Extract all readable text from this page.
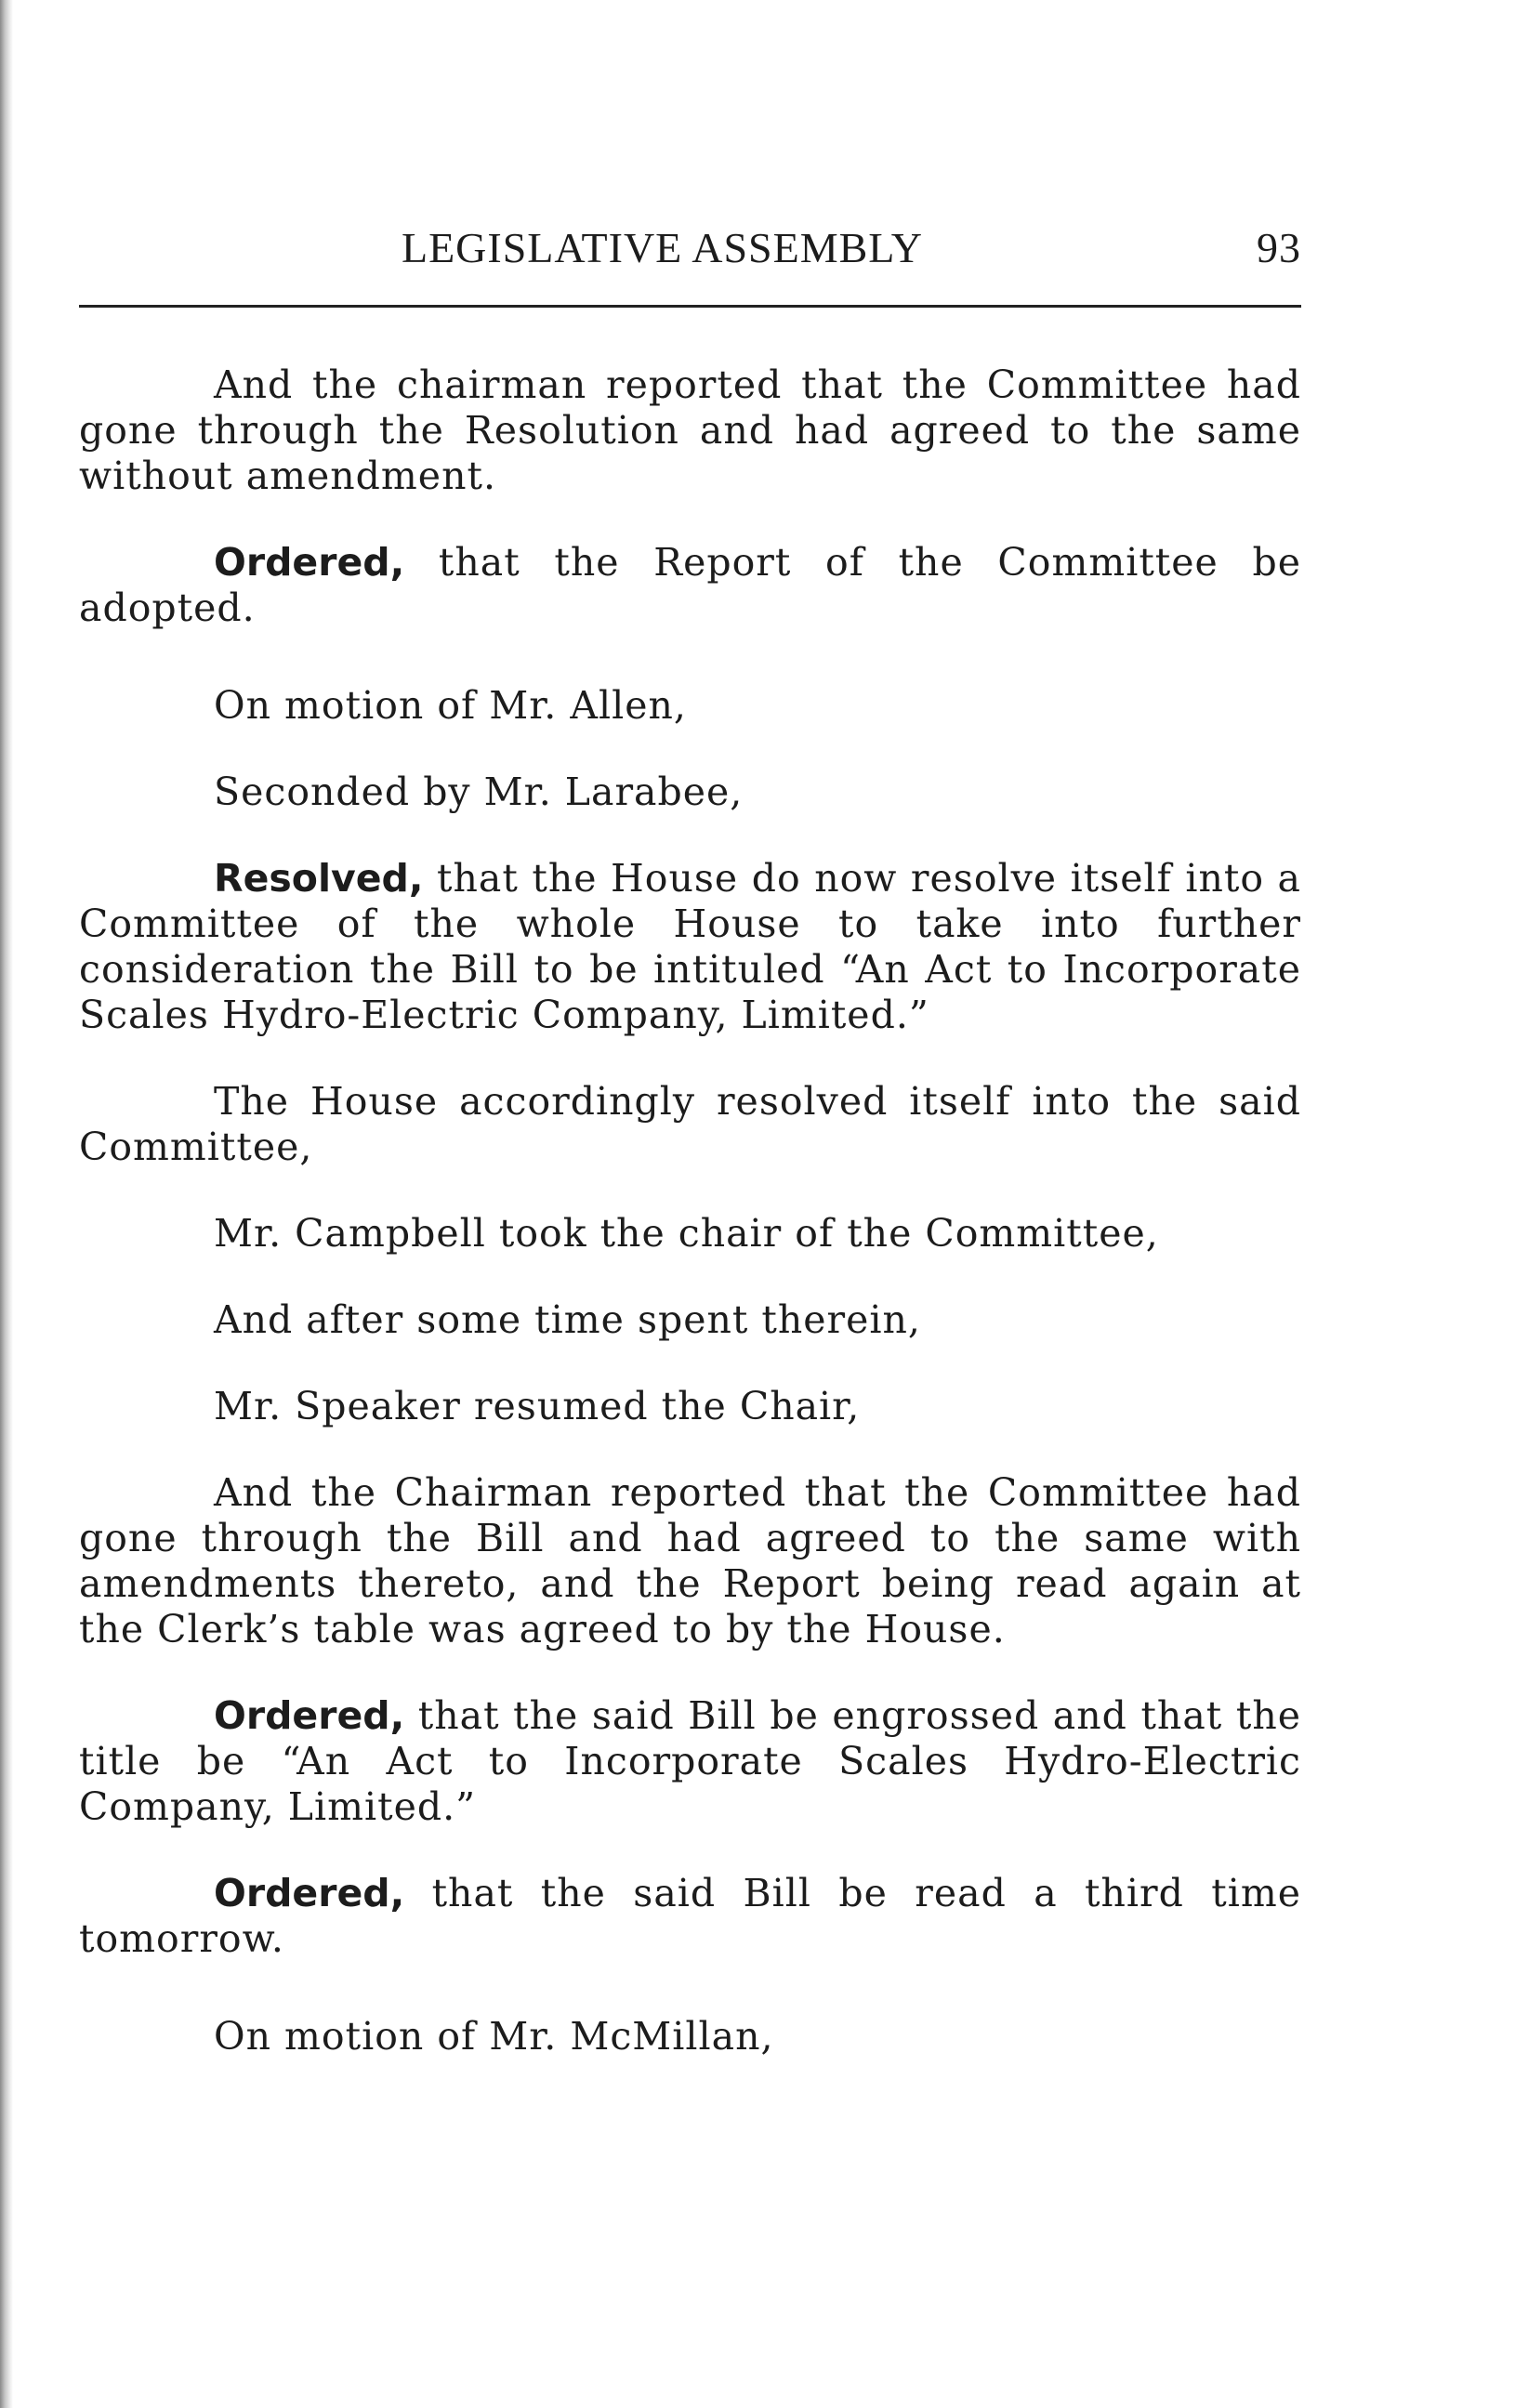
LEGISLATIVE ASSEMBLY	93

And the chairman reported that the Committee had gone through the Resolution and had agreed to the same without amendment.

Ordered, that the Report of the Committee be adopted.

On motion of Mr. Allen,

Seconded by Mr. Larabee,

Resolved, that the House do now resolve itself into a Committee of the whole House to take into further consideration the Bill to be intituled “An Act to Incorporate Scales Hydro-Electric Company, Limited.”

The House accordingly resolved itself into the said Committee,

Mr. Campbell took the chair of the Committee,

And after some time spent therein,

Mr. Speaker resumed the Chair,

And the Chairman reported that the Committee had gone through the Bill and had agreed to the same with amendments thereto, and the Report being read again at the Clerk’s table was agreed to by the House.

Ordered, that the said Bill be engrossed and that the title be “An Act to Incorporate Scales Hydro-Electric Company, Limited.”

Ordered, that the said Bill be read a third time tomorrow.

On motion of Mr. McMillan,
